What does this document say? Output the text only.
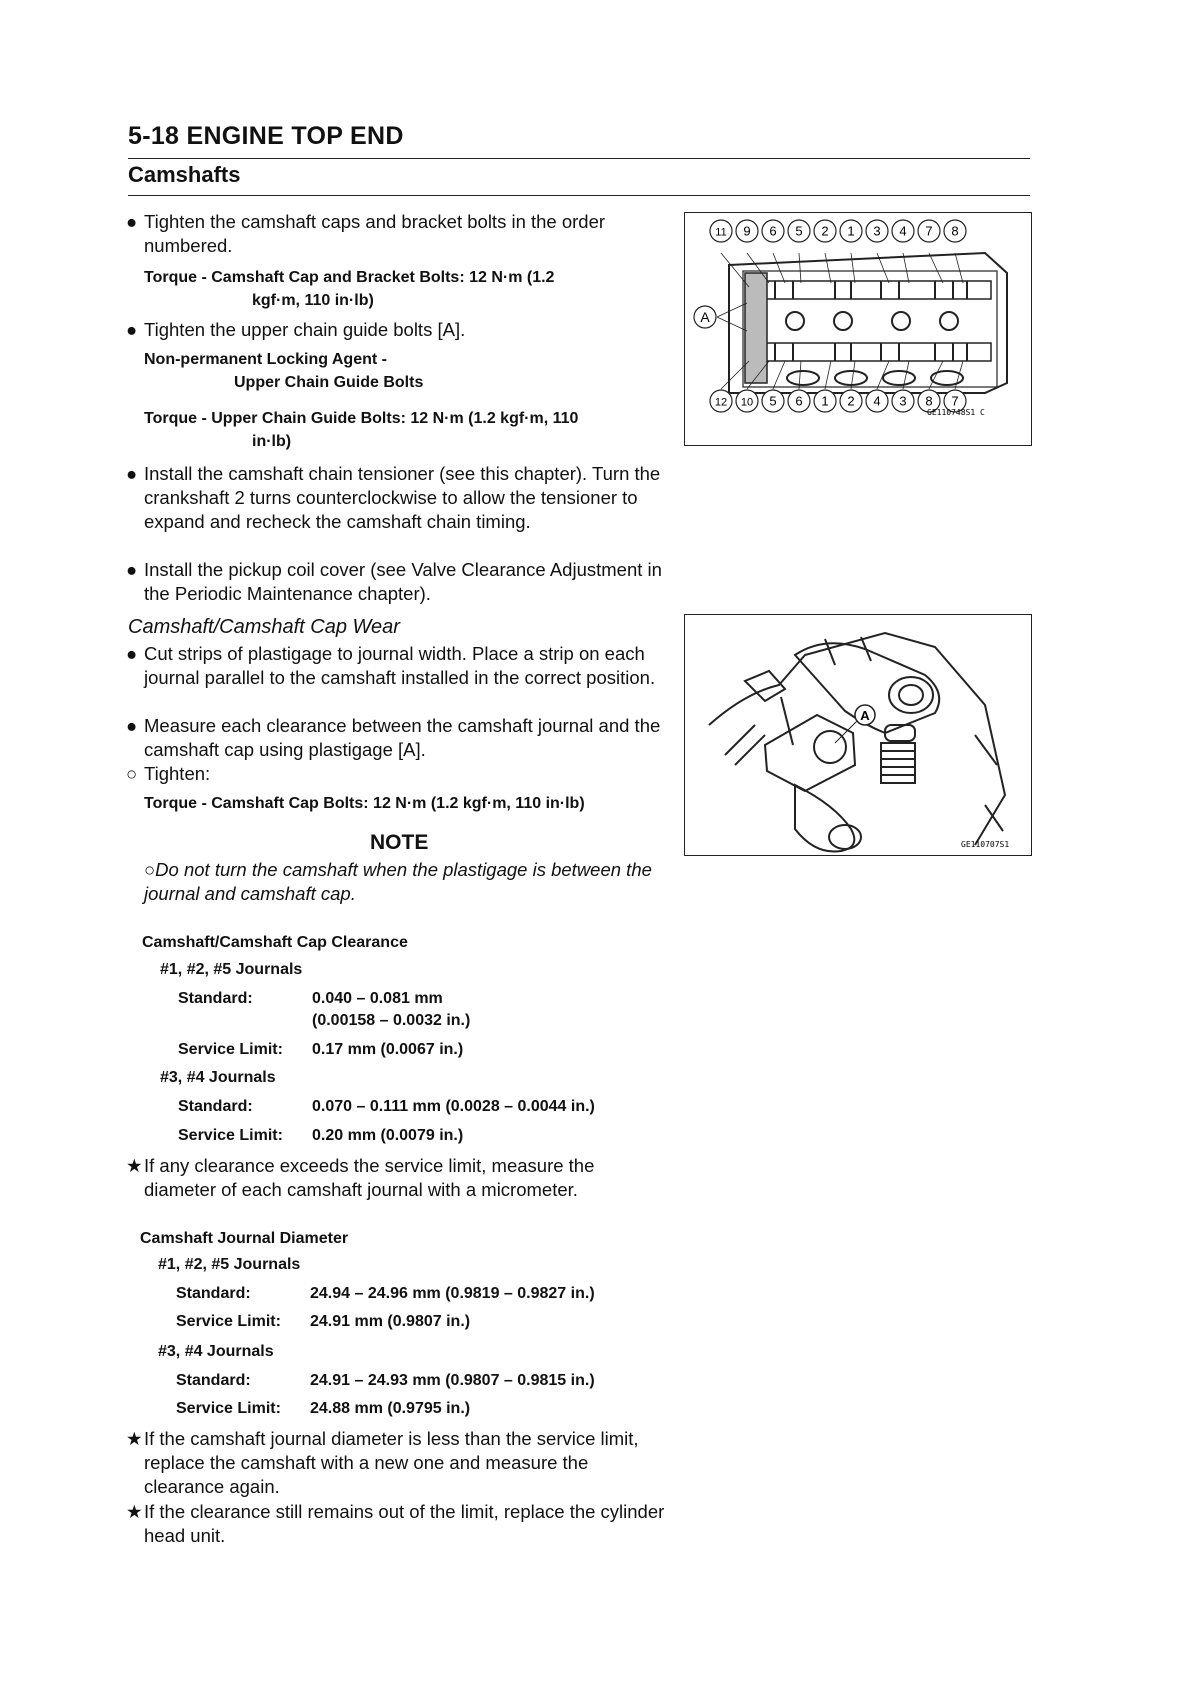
5-18 ENGINE TOP END
Camshafts
● Tighten the camshaft caps and bracket bolts in the order numbered.
Torque - Camshaft Cap and Bracket Bolts: 12 N·m (1.2
kgf·m, 110 in·lb)
● Tighten the upper chain guide bolts [A].
Non-permanent Locking Agent -
Upper Chain Guide Bolts
Torque - Upper Chain Guide Bolts: 12 N·m (1.2 kgf·m, 110
in·lb)
● Install the camshaft chain tensioner (see this chapter). Turn the crankshaft 2 turns counterclockwise to allow the tensioner to expand and recheck the camshaft chain timing.
● Install the pickup coil cover (see Valve Clearance Adjustment in the Periodic Maintenance chapter).
Camshaft/Camshaft Cap Wear
● Cut strips of plastigage to journal width. Place a strip on each journal parallel to the camshaft installed in the correct position.
● Measure each clearance between the camshaft journal and the camshaft cap using plastigage [A].
○ Tighten:
Torque - Camshaft Cap Bolts: 12 N·m (1.2 kgf·m, 110 in·lb)
NOTE
○Do not turn the camshaft when the plastigage is between the journal and camshaft cap.
Camshaft/Camshaft Cap Clearance
#1, #2, #5 Journals
Standard:	0.040 – 0.081 mm
(0.00158 – 0.0032 in.)
Service Limit: 0.17 mm (0.0067 in.)
#3, #4 Journals
Standard:	0.070 – 0.111 mm (0.0028 – 0.0044 in.)
Service Limit: 0.20 mm (0.0079 in.)
★ If any clearance exceeds the service limit, measure the diameter of each camshaft journal with a micrometer.
Camshaft Journal Diameter
#1, #2, #5 Journals
Standard:	24.94 – 24.96 mm (0.9819 – 0.9827 in.)
Service Limit: 24.91 mm (0.9807 in.)
#3, #4 Journals
Standard:	24.91 – 24.93 mm (0.9807 – 0.9815 in.)
Service Limit: 24.88 mm (0.9795 in.)
★ If the camshaft journal diameter is less than the service limit, replace the camshaft with a new one and measure the clearance again.
★ If the clearance still remains out of the limit, replace the cylinder head unit.
A
11 9 6 5 2 1 3 4 7 8
12 10 5 6 1 2 4 3 8 7
GE110748S1 C
A
GE110707S1
